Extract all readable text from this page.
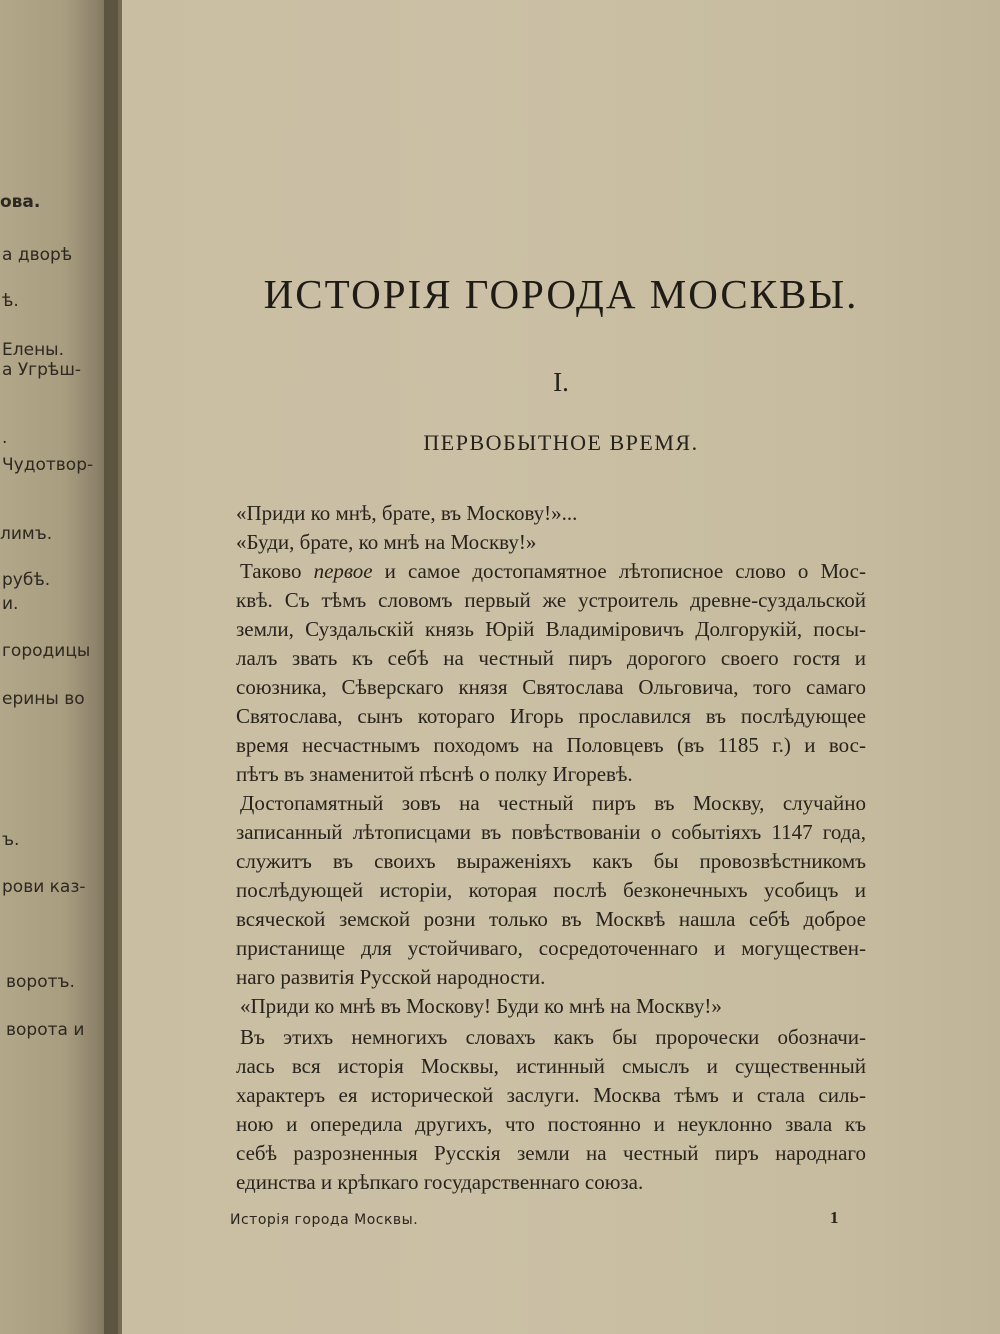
ова.
а дворѣ
ѣ.
Елены.
а Угрѣш-
.
Чудотвор-
лимъ.
рубѣ.
и.
городицы
ерины во
ъ.
рови каз-
воротъ.
ворота и
ИСТОРІЯ ГОРОДА МОСКВЫ.
I.
ПЕРВОБЫТНОЕ ВРЕМЯ.
«Приди ко мнѣ, брате, въ Москову!»...
«Буди, брате, ко мнѣ на Москву!»
Таково первое и самое достопамятное лѣтописное слово о Мос-
квѣ. Съ тѣмъ словомъ первый же устроитель древне-суздальской
земли, Суздальскій князь Юрій Владиміровичъ Долгорукій, посы-
лалъ звать къ себѣ на честный пиръ дорогого своего гостя и
союзника, Сѣверскаго князя Святослава Ольговича, того самаго
Святослава, сынъ котораго Игорь прославился въ послѣдующее
время несчастнымъ походомъ на Половцевъ (въ 1185 г.) и вос-
пѣтъ въ знаменитой пѣснѣ о полку Игоревѣ.
Достопамятный зовъ на честный пиръ въ Москву, случайно
записанный лѣтописцами въ повѣствованіи о событіяхъ 1147 года,
служитъ въ своихъ выраженіяхъ какъ бы провозвѣстникомъ
послѣдующей исторіи, которая послѣ безконечныхъ усобицъ и
всяческой земской розни только въ Москвѣ нашла себѣ доброе
пристанище для устойчиваго, сосредоточеннаго и могуществен-
наго развитія Русской народности.
«Приди ко мнѣ въ Москову! Буди ко мнѣ на Москву!»
Въ этихъ немногихъ словахъ какъ бы пророчески обозначи-
лась вся исторія Москвы, истинный смыслъ и существенный
характеръ ея исторической заслуги. Москва тѣмъ и стала силь-
ною и опередила другихъ, что постоянно и неуклонно звала къ
себѣ разрозненныя Русскія земли на честный пиръ народнаго
единства и крѣпкаго государственнаго союза.
Исторія города Москвы.	1
